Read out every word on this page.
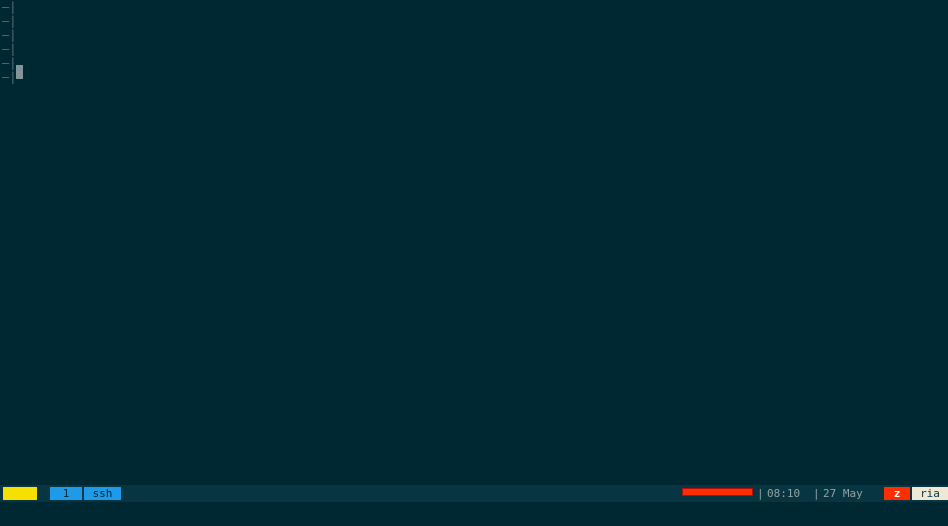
–|
–|
–|
–|
–|
–|

0

1	ssh	| 08:10 | 27 May	z	ria
